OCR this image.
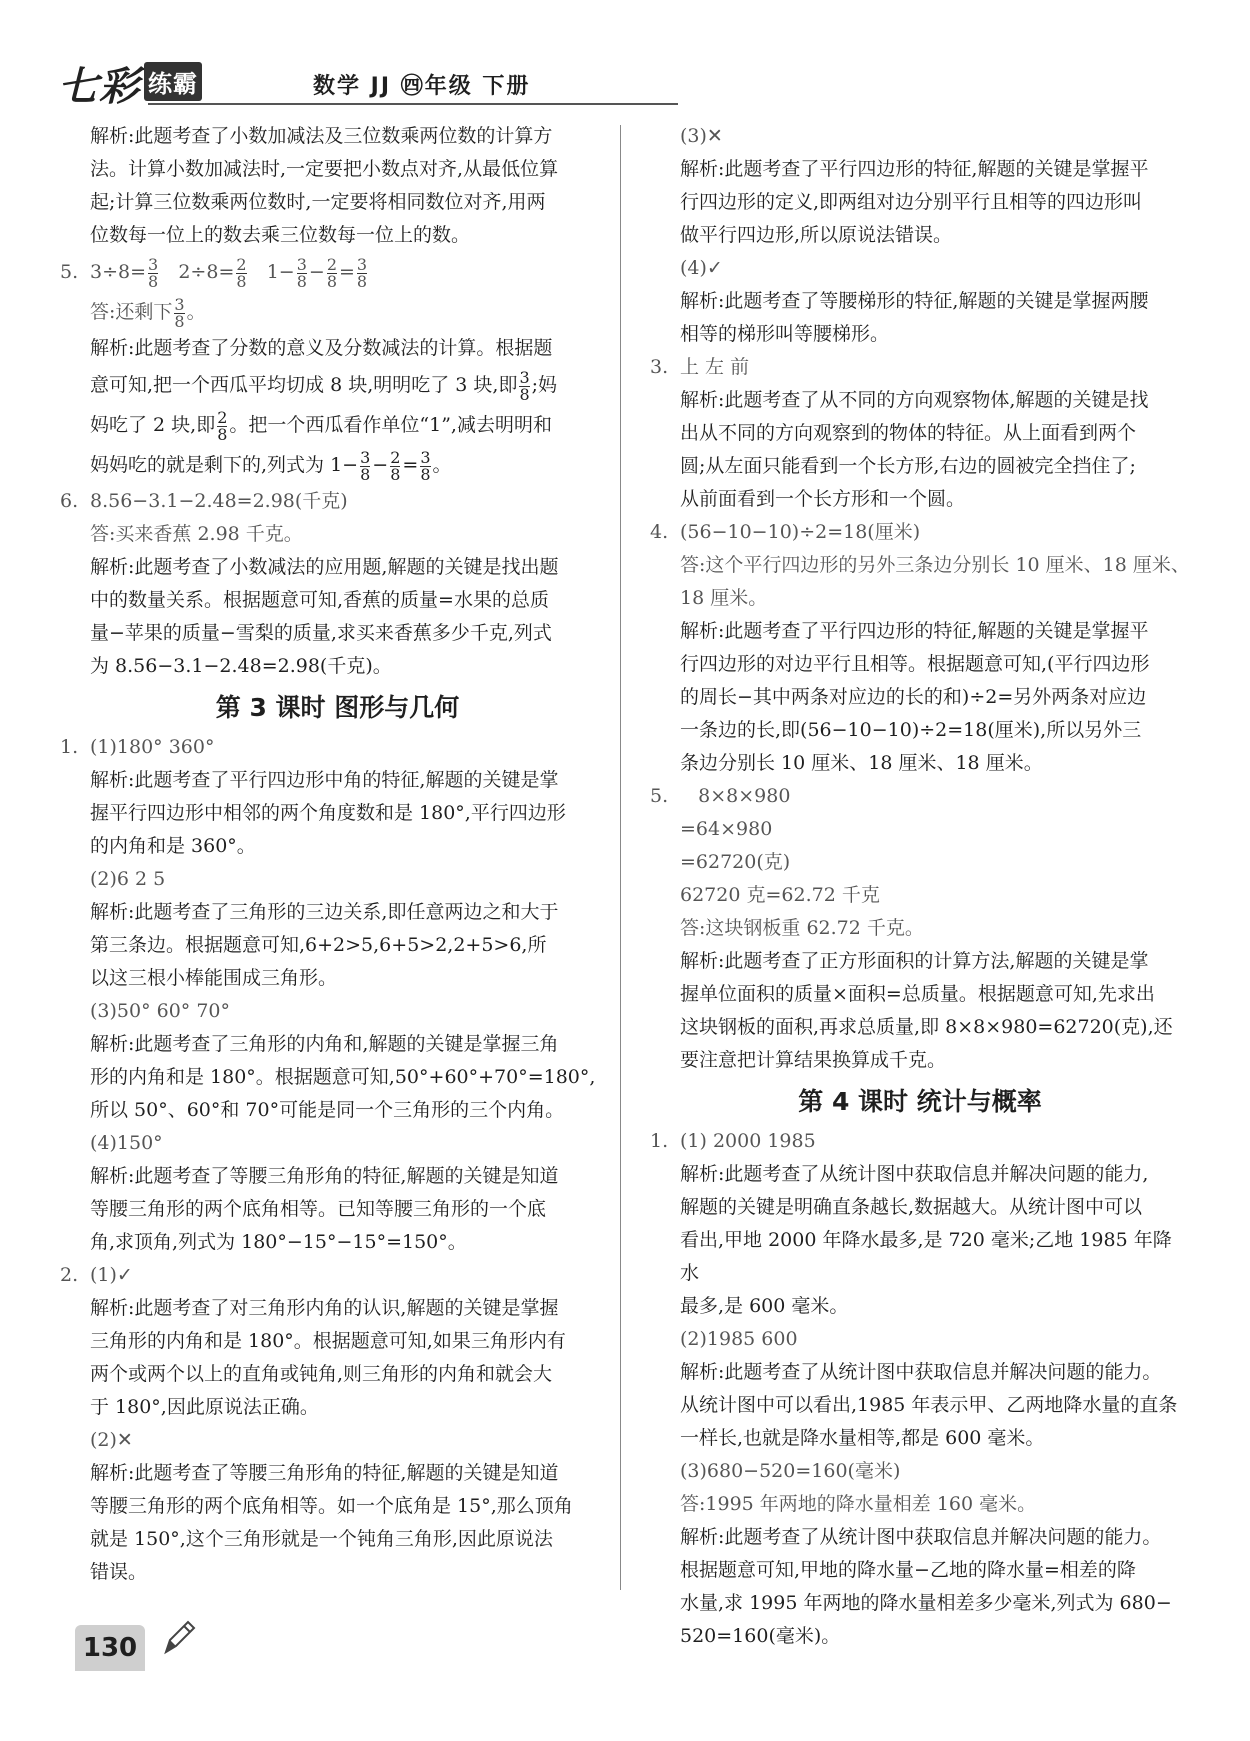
七彩 练霸	数学 JJ ㊃年级 下册

解析:此题考查了小数加减法及三位数乘两位数的计算方

法。计算小数加减法时,一定要把小数点对齐,从最低位算

起;计算三位数乘两位数时,一定要将相同数位对齐,用两

位数每一位上的数去乘三位数每一位上的数。

5. $3\div 8= \frac{3}{8} 2\div 8= \frac{2}{8} 1- \frac{3}{8} - \frac{2}{8} = \frac{3}{8}$

答:还剩下 $\frac{3}{8}$ 。

解析:此题考查了分数的意义及分数减法的计算。根据题

意可知,把一个西瓜平均切成 8 块,明明吃了 3 块,即 $\frac{3}{8}$ ;妈

妈吃了 2 块,即 $\frac{2}{8}$ 。把一个西瓜看作单位“1”,减去明明和

妈妈吃的就是剩下的,列式为 $1- \frac{3}{8} - \frac{2}{8} = \frac{3}{8}$ 。

6. 8.56−3.1−2.48=2.98(千克)

答:买来香蕉 2.98 千克。

解析:此题考查了小数减法的应用题,解题的关键是找出题

中的数量关系。根据题意可知,香蕉的质量=水果的总质

量−苹果的质量−雪梨的质量,求买来香蕉多少千克,列式

为 8.56−3.1−2.48=2.98(千克)。

第 3 课时 图形与几何

1. (1)180° 360°

解析:此题考查了平行四边形中角的特征,解题的关键是掌

握平行四边形中相邻的两个角度数和是 180°,平行四边形

的内角和是 360°。

(2)6 2 5

解析:此题考查了三角形的三边关系,即任意两边之和大于

第三条边。根据题意可知,6+2>5,6+5>2,2+5>6,所

以这三根小棒能围成三角形。

(3)50° 60° 70°

解析:此题考查了三角形的内角和,解题的关键是掌握三角

形的内角和是 180°。根据题意可知,50°+60°+70°=180°,

所以 50°、60°和 70°可能是同一个三角形的三个内角。

(4)150°

解析:此题考查了等腰三角形角的特征,解题的关键是知道

等腰三角形的两个底角相等。已知等腰三角形的一个底

角,求顶角,列式为 180°−15°−15°=150°。

2. (1)✓

解析:此题考查了对三角形内角的认识,解题的关键是掌握

三角形的内角和是 180°。根据题意可知,如果三角形内有

两个或两个以上的直角或钝角,则三角形的内角和就会大

于 180°,因此原说法正确。

(2)✕

解析:此题考查了等腰三角形角的特征,解题的关键是知道

等腰三角形的两个底角相等。如一个底角是 15°,那么顶角

就是 150°,这个三角形就是一个钝角三角形,因此原说法

错误。

(3)✕

解析:此题考查了平行四边形的特征,解题的关键是掌握平

行四边形的定义,即两组对边分别平行且相等的四边形叫

做平行四边形,所以原说法错误。

(4)✓

解析:此题考查了等腰梯形的特征,解题的关键是掌握两腰

相等的梯形叫等腰梯形。

3. 上 左 前

解析:此题考查了从不同的方向观察物体,解题的关键是找

出从不同的方向观察到的物体的特征。从上面看到两个

圆;从左面只能看到一个长方形,右边的圆被完全挡住了;

从前面看到一个长方形和一个圆。

4. (56−10−10)÷2=18(厘米)

答:这个平行四边形的另外三条边分别长 10 厘米、18 厘米、

18 厘米。

解析:此题考查了平行四边形的特征,解题的关键是掌握平

行四边形的对边平行且相等。根据题意可知,(平行四边形

的周长−其中两条对应边的长的和)÷2=另外两条对应边

一条边的长,即(56−10−10)÷2=18(厘米),所以另外三

条边分别长 10 厘米、18 厘米、18 厘米。

5. 8×8×980

=64×980

=62720(克)

62720 克=62.72 千克

答:这块钢板重 62.72 千克。

解析:此题考查了正方形面积的计算方法,解题的关键是掌

握单位面积的质量×面积=总质量。根据题意可知,先求出

这块钢板的面积,再求总质量,即 8×8×980=62720(克),还

要注意把计算结果换算成千克。

第 4 课时 统计与概率

1. (1) 2000 1985

解析:此题考查了从统计图中获取信息并解决问题的能力,

解题的关键是明确直条越长,数据越大。从统计图中可以

看出,甲地 2000 年降水最多,是 720 毫米;乙地 1985 年降水

最多,是 600 毫米。

(2)1985 600

解析:此题考查了从统计图中获取信息并解决问题的能力。

从统计图中可以看出,1985 年表示甲、乙两地降水量的直条

一样长,也就是降水量相等,都是 600 毫米。

(3)680−520=160(毫米)

答:1995 年两地的降水量相差 160 毫米。

解析:此题考查了从统计图中获取信息并解决问题的能力。

根据题意可知,甲地的降水量−乙地的降水量=相差的降

水量,求 1995 年两地的降水量相差多少毫米,列式为 680−

520=160(毫米)。

130
